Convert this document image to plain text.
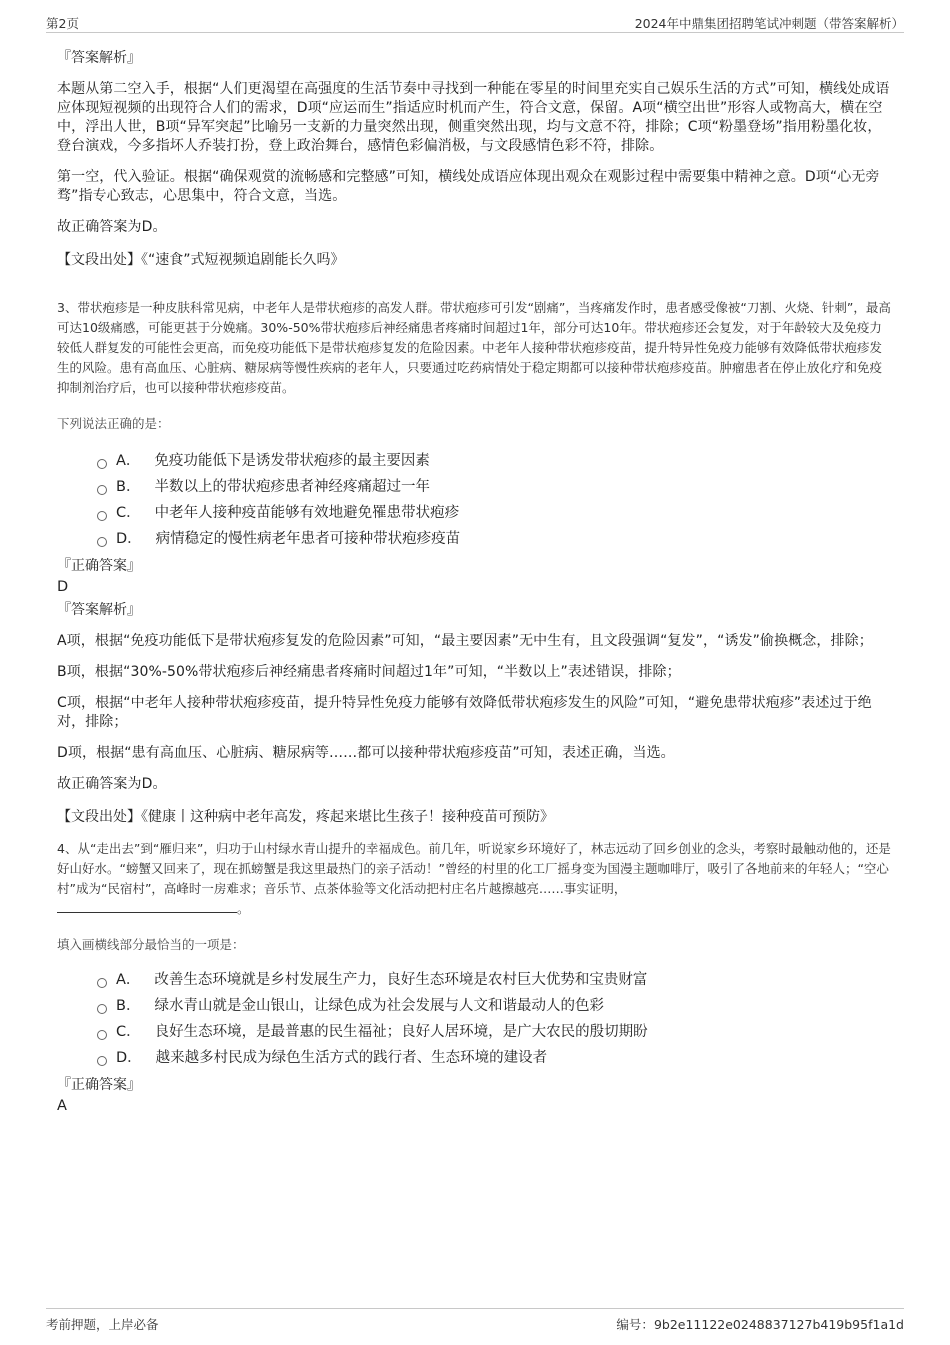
第2页	2024年中鼎集团招聘笔试冲刺题（带答案解析）
『答案解析』

本题从第二空入手，根据“人们更渴望在高强度的生活节奏中寻找到一种能在零星的时间里充实自己娱乐生活的方式”可知，横线处成语应体现短视频的出现符合人们的需求，D项“应运而生”指适应时机而产生，符合文意，保留。A项“横空出世”形容人或物高大，横在空中，浮出人世，B项“异军突起”比喻另一支新的力量突然出现，侧重突然出现，均与文意不符，排除；C项“粉墨登场”指用粉墨化妆，登台演戏，今多指坏人乔装打扮，登上政治舞台，感情色彩偏消极，与文段感情色彩不符，排除。

第一空，代入验证。根据“确保观赏的流畅感和完整感”可知，横线处成语应体现出观众在观影过程中需要集中精神之意。D项“心无旁骛”指专心致志，心思集中，符合文意，当选。

故正确答案为D。

【文段出处】《“速食”式短视频追剧能长久吗》

3、带状疱疹是一种皮肤科常见病，中老年人是带状疱疹的高发人群。带状疱疹可引发“剧痛”，当疼痛发作时，患者感受像被“刀割、火烧、针刺”，最高可达10级痛感，可能更甚于分娩痛。30%-50%带状疱疹后神经痛患者疼痛时间超过1年，部分可达10年。带状疱疹还会复发，对于年龄较大及免疫力较低人群复发的可能性会更高，而免疫功能低下是带状疱疹复发的危险因素。中老年人接种带状疱疹疫苗，提升特异性免疫力能够有效降低带状疱疹发生的风险。患有高血压、心脏病、糖尿病等慢性疾病的老年人，只要通过吃药病情处于稳定期都可以接种带状疱疹疫苗。肿瘤患者在停止放化疗和免疫抑制剂治疗后，也可以接种带状疱疹疫苗。

下列说法正确的是：

A． 免疫功能低下是诱发带状疱疹的最主要因素
B． 半数以上的带状疱疹患者神经疼痛超过一年
C． 中老年人接种疫苗能够有效地避免罹患带状疱疹
D． 病情稳定的慢性病老年患者可接种带状疱疹疫苗
『正确答案』

D

『答案解析』

A项，根据“免疫功能低下是带状疱疹复发的危险因素”可知，“最主要因素”无中生有，且文段强调“复发”，“诱发”偷换概念，排除；

B项，根据“30%-50%带状疱疹后神经痛患者疼痛时间超过1年”可知，“半数以上”表述错误，排除；

C项，根据“中老年人接种带状疱疹疫苗，提升特异性免疫力能够有效降低带状疱疹发生的风险”可知，“避免患带状疱疹”表述过于绝对，排除；

D项，根据“患有高血压、心脏病、糖尿病等……都可以接种带状疱疹疫苗”可知，表述正确，当选。

故正确答案为D。

【文段出处】《健康丨这种病中老年高发，疼起来堪比生孩子！接种疫苗可预防》

4、从“走出去”到“雁归来”，归功于山村绿水青山提升的幸福成色。前几年，听说家乡环境好了，林志远动了回乡创业的念头，考察时最触动他的，还是好山好水。“螃蟹又回来了，现在抓螃蟹是我这里最热门的亲子活动！”曾经的村里的化工厂摇身变为国漫主题咖啡厅，吸引了各地前来的年轻人；“空心村”成为“民宿村”，高峰时一房难求；音乐节、点茶体验等文化活动把村庄名片越擦越亮……事实证明，
。

填入画横线部分最恰当的一项是：

A． 改善生态环境就是乡村发展生产力，良好生态环境是农村巨大优势和宝贵财富
B． 绿水青山就是金山银山，让绿色成为社会发展与人文和谐最动人的色彩
C． 良好生态环境，是最普惠的民生福祉；良好人居环境，是广大农民的殷切期盼
D． 越来越多村民成为绿色生活方式的践行者、生态环境的建设者
『正确答案』

A

考前押题，上岸必备	编号：9b2e11122e0248837127b419b95f1a1d
